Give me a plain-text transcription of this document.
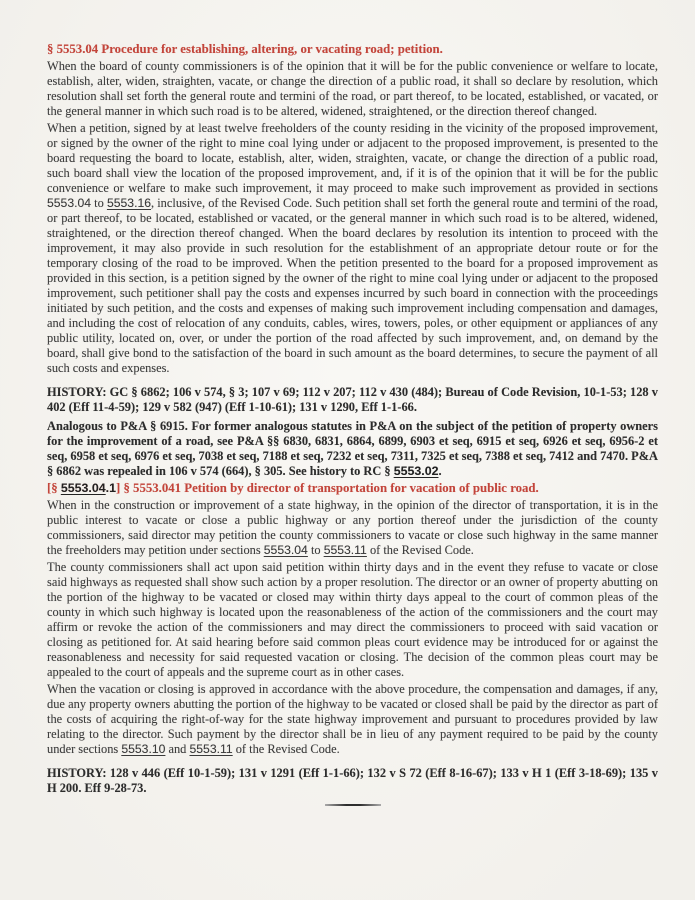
§ 5553.04 Procedure for establishing, altering, or vacating road; petition.

When the board of county commissioners is of the opinion that it will be for the public convenience or welfare to locate, establish, alter, widen, straighten, vacate, or change the direction of a public road, it shall so declare by resolution, which resolution shall set forth the general route and termini of the road, or part thereof, to be located, established, or vacated, or the general manner in which such road is to be altered, widened, straightened, or the direction thereof changed.

When a petition, signed by at least twelve freeholders of the county residing in the vicinity of the proposed improvement, or signed by the owner of the right to mine coal lying under or adjacent to the proposed improvement, is presented to the board requesting the board to locate, establish, alter, widen, straighten, vacate, or change the direction of a public road, such board shall view the location of the proposed improvement, and, if it is of the opinion that it will be for the public convenience or welfare to make such improvement, it may proceed to make such improvement as provided in sections 5553.04 to 5553.16, inclusive, of the Revised Code. Such petition shall set forth the general route and termini of the road, or part thereof, to be located, established or vacated, or the general manner in which such road is to be altered, widened, straightened, or the direction thereof changed. When the board declares by resolution its intention to proceed with the improvement, it may also provide in such resolution for the establishment of an appropriate detour route or for the temporary closing of the road to be improved. When the petition presented to the board for a proposed improvement as provided in this section, is a petition signed by the owner of the right to mine coal lying under or adjacent to the proposed improvement, such petitioner shall pay the costs and expenses incurred by such board in connection with the proceedings initiated by such petition, and the costs and expenses of making such improvement including compensation and damages, and including the cost of relocation of any conduits, cables, wires, towers, poles, or other equipment or appliances of any public utility, located on, over, or under the portion of the road affected by such improvement, and, on demand by the board, shall give bond to the satisfaction of the board in such amount as the board determines, to secure the payment of all such costs and expenses.

HISTORY: GC § 6862; 106 v 574, § 3; 107 v 69; 112 v 207; 112 v 430 (484); Bureau of Code Revision, 10-1-53; 128 v 402 (Eff 11-4-59); 129 v 582 (947) (Eff 1-10-61); 131 v 1290, Eff 1-1-66.

Analogous to P&A § 6915. For former analogous statutes in P&A on the subject of the petition of property owners for the improvement of a road, see P&A §§ 6830, 6831, 6864, 6899, 6903 et seq, 6915 et seq, 6926 et seq, 6956-2 et seq, 6958 et seq, 6976 et seq, 7038 et seq, 7188 et seq, 7232 et seq, 7311, 7325 et seq, 7388 et seq, 7412 and 7470. P&A § 6862 was repealed in 106 v 574 (664), § 305. See history to RC § 5553.02.

[§ 5553.04.1] § 5553.041 Petition by director of transportation for vacation of public road.

When in the construction or improvement of a state highway, in the opinion of the director of transportation, it is in the public interest to vacate or close a public highway or any portion thereof under the jurisdiction of the county commissioners, said director may petition the county commissioners to vacate or close such highway in the same manner the freeholders may petition under sections 5553.04 to 5553.11 of the Revised Code.

The county commissioners shall act upon said petition within thirty days and in the event they refuse to vacate or close said highways as requested shall show such action by a proper resolution. The director or an owner of property abutting on the portion of the highway to be vacated or closed may within thirty days appeal to the court of common pleas of the county in which such highway is located upon the reasonableness of the action of the commissioners and the court may affirm or revoke the action of the commissioners and may direct the commissioners to proceed with said vacation or closing as petitioned for. At said hearing before said common pleas court evidence may be introduced for or against the reasonableness and necessity for said requested vacation or closing. The decision of the common pleas court may be appealed to the court of appeals and the supreme court as in other cases.

When the vacation or closing is approved in accordance with the above procedure, the compensation and damages, if any, due any property owners abutting the portion of the highway to be vacated or closed shall be paid by the director as part of the costs of acquiring the right-of-way for the state highway improvement and pursuant to procedures provided by law relating to the director. Such payment by the director shall be in lieu of any payment required to be paid by the county under sections 5553.10 and 5553.11 of the Revised Code.

HISTORY: 128 v 446 (Eff 10-1-59); 131 v 1291 (Eff 1-1-66); 132 v S 72 (Eff 8-16-67); 133 v H 1 (Eff 3-18-69); 135 v H 200. Eff 9-28-73.
